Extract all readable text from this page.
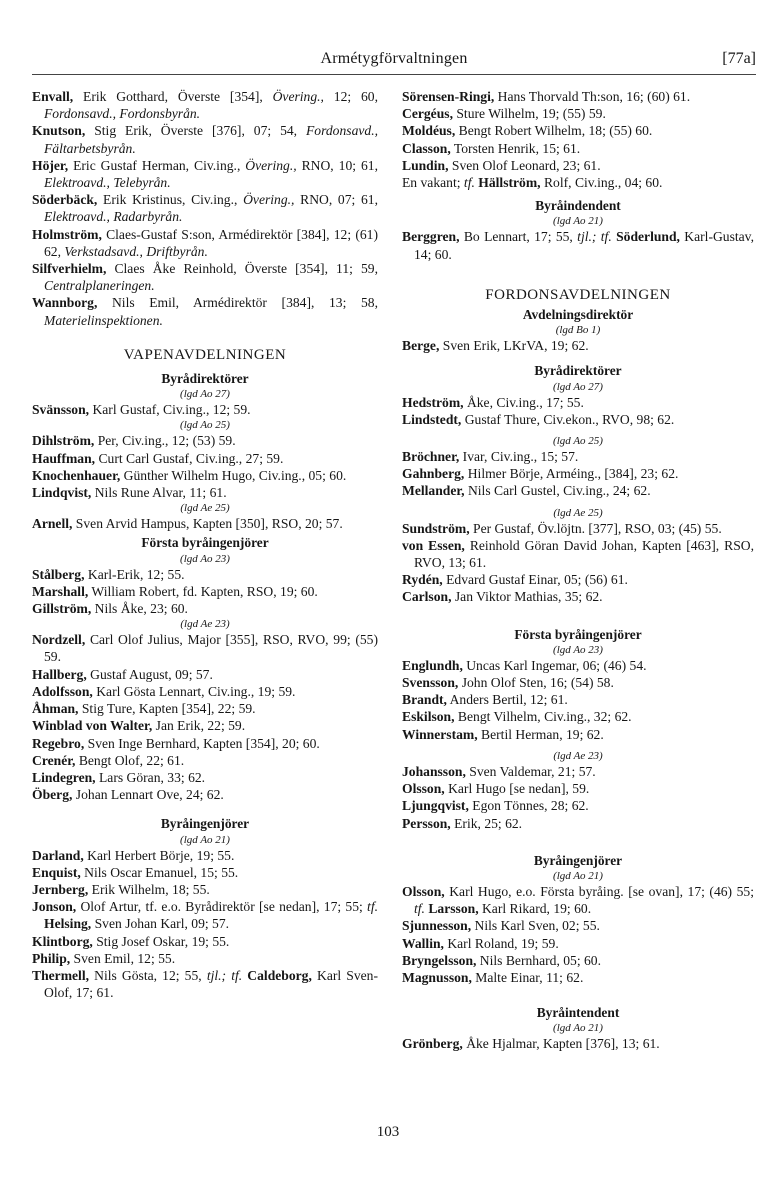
Armétygförvaltningen	[77a]
Envall, Erik Gotthard, Överste [354], Övering., 12; 60, Fordonsavd., Fordonsbyrån.
Knutson, Stig Erik, Överste [376], 07; 54, Fordonsavd., Fältarbetsbyrån.
Höjer, Eric Gustaf Herman, Civ.ing., Övering., RNO, 10; 61, Elektroavd., Telebyrån.
Söderbäck, Erik Kristinus, Civ.ing., Övering., RNO, 07; 61, Elektroavd., Radarbyrån.
Holmström, Claes-Gustaf S:son, Armédirektör [384], 12; (61) 62, Verkstadsavd., Driftbyrån.
Silfverhielm, Claes Åke Reinhold, Överste [354], 11; 59, Centralplaneringen.
Wannborg, Nils Emil, Armédirektör [384], 13; 58, Materielinspektionen.
VAPENAVDELNINGEN
Byrådirektörer
(lgd Ao 27)
Svänsson, Karl Gustaf, Civ.ing., 12; 59.
(lgd Ao 25)
Dihlström, Per, Civ.ing., 12; (53) 59.
Hauffman, Curt Carl Gustaf, Civ.ing., 27; 59.
Knochenhauer, Günther Wilhelm Hugo, Civ.ing., 05; 60.
Lindqvist, Nils Rune Alvar, 11; 61.
(lgd Ae 25)
Arnell, Sven Arvid Hampus, Kapten [350], RSO, 20; 57.
Första byråingenjörer
(lgd Ao 23)
Stålberg, Karl-Erik, 12; 55.
Marshall, William Robert, fd. Kapten, RSO, 19; 60.
Gillström, Nils Åke, 23; 60.
(lgd Ae 23)
Nordzell, Carl Olof Julius, Major [355], RSO, RVO, 99; (55) 59.
Hallberg, Gustaf August, 09; 57.
Adolfsson, Karl Gösta Lennart, Civ.ing., 19; 59.
Åhman, Stig Ture, Kapten [354], 22; 59.
Winblad von Walter, Jan Erik, 22; 59.
Regebro, Sven Inge Bernhard, Kapten [354], 20; 60.
Crenér, Bengt Olof, 22; 61.
Lindegren, Lars Göran, 33; 62.
Öberg, Johan Lennart Ove, 24; 62.
Byråingenjörer
(lgd Ao 21)
Darland, Karl Herbert Börje, 19; 55.
Enquist, Nils Oscar Emanuel, 15; 55.
Jernberg, Erik Wilhelm, 18; 55.
Jonson, Olof Artur, tf. e.o. Byrådirektör [se nedan], 17; 55; tf. Helsing, Sven Johan Karl, 09; 57.
Klintborg, Stig Josef Oskar, 19; 55.
Philip, Sven Emil, 12; 55.
Thermell, Nils Gösta, 12; 55, tjl.; tf. Caldeborg, Karl Sven-Olof, 17; 61.
Sörensen-Ringi, Hans Thorvald Th:son, 16; (60) 61.
Cergéus, Sture Wilhelm, 19; (55) 59.
Moldéus, Bengt Robert Wilhelm, 18; (55) 60.
Classon, Torsten Henrik, 15; 61.
Lundin, Sven Olof Leonard, 23; 61.
En vakant; tf. Hällström, Rolf, Civ.ing., 04; 60.
Byråindendent
(lgd Ao 21)
Berggren, Bo Lennart, 17; 55, tjl.; tf. Söderlund, Karl-Gustav, 14; 60.
FORDONSAVDELNINGEN
Avdelningsdirektör
(lgd Bo 1)
Berge, Sven Erik, LKrVA, 19; 62.
Byrådirektörer
(lgd Ao 27)
Hedström, Åke, Civ.ing., 17; 55.
Lindstedt, Gustaf Thure, Civ.ekon., RVO, 98; 62.
(lgd Ao 25)
Bröchner, Ivar, Civ.ing., 15; 57.
Gahnberg, Hilmer Börje, Arméing., [384], 23; 62.
Mellander, Nils Carl Gustel, Civ.ing., 24; 62.
(lgd Ae 25)
Sundström, Per Gustaf, Öv.löjtn. [377], RSO, 03; (45) 55.
von Essen, Reinhold Göran David Johan, Kapten [463], RSO, RVO, 13; 61.
Rydén, Edvard Gustaf Einar, 05; (56) 61.
Carlson, Jan Viktor Mathias, 35; 62.
Första byråingenjörer
(lgd Ao 23)
Englundh, Uncas Karl Ingemar, 06; (46) 54.
Svensson, John Olof Sten, 16; (54) 58.
Brandt, Anders Bertil, 12; 61.
Eskilson, Bengt Vilhelm, Civ.ing., 32; 62.
Winnerstam, Bertil Herman, 19; 62.
(lgd Ae 23)
Johansson, Sven Valdemar, 21; 57.
Olsson, Karl Hugo [se nedan], 59.
Ljungqvist, Egon Tönnes, 28; 62.
Persson, Erik, 25; 62.
Byråingenjörer
(lgd Ao 21)
Olsson, Karl Hugo, e.o. Första byråing. [se ovan], 17; (46) 55; tf. Larsson, Karl Rikard, 19; 60.
Sjunnesson, Nils Karl Sven, 02; 55.
Wallin, Karl Roland, 19; 59.
Bryngelsson, Nils Bernhard, 05; 60.
Magnusson, Malte Einar, 11; 62.
Byråintendent
(lgd Ao 21)
Grönberg, Åke Hjalmar, Kapten [376], 13; 61.
103
